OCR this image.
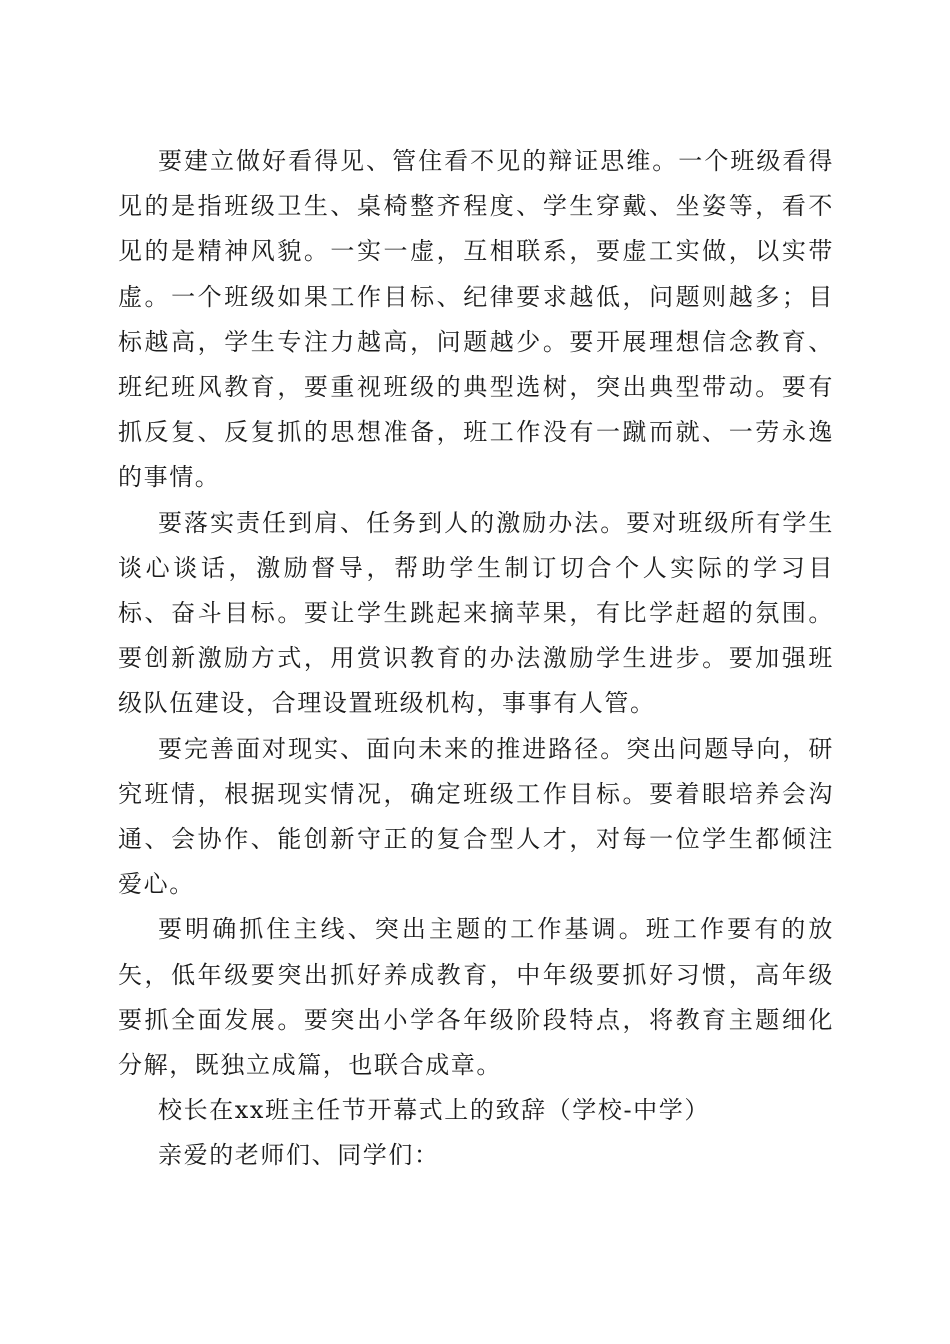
要建立做好看得见、管住看不见的辩证思维。一个班级看得见的是指班级卫生、桌椅整齐程度、学生穿戴、坐姿等，看不见的是精神风貌。一实一虚，互相联系，要虚工实做，以实带虚。一个班级如果工作目标、纪律要求越低，问题则越多；目标越高，学生专注力越高，问题越少。要开展理想信念教育、班纪班风教育，要重视班级的典型选树，突出典型带动。要有抓反复、反复抓的思想准备，班工作没有一蹴而就、一劳永逸的事情。

要落实责任到肩、任务到人的激励办法。要对班级所有学生谈心谈话，激励督导，帮助学生制订切合个人实际的学习目标、奋斗目标。要让学生跳起来摘苹果，有比学赶超的氛围。要创新激励方式，用赏识教育的办法激励学生进步。要加强班级队伍建设，合理设置班级机构，事事有人管。

要完善面对现实、面向未来的推进路径。突出问题导向，研究班情，根据现实情况，确定班级工作目标。要着眼培养会沟通、会协作、能创新守正的复合型人才，对每一位学生都倾注爱心。

要明确抓住主线、突出主题的工作基调。班工作要有的放矢，低年级要突出抓好养成教育，中年级要抓好习惯，高年级要抓全面发展。要突出小学各年级阶段特点，将教育主题细化分解，既独立成篇，也联合成章。

校长在xx班主任节开幕式上的致辞（学校-中学）

亲爱的老师们、同学们：
